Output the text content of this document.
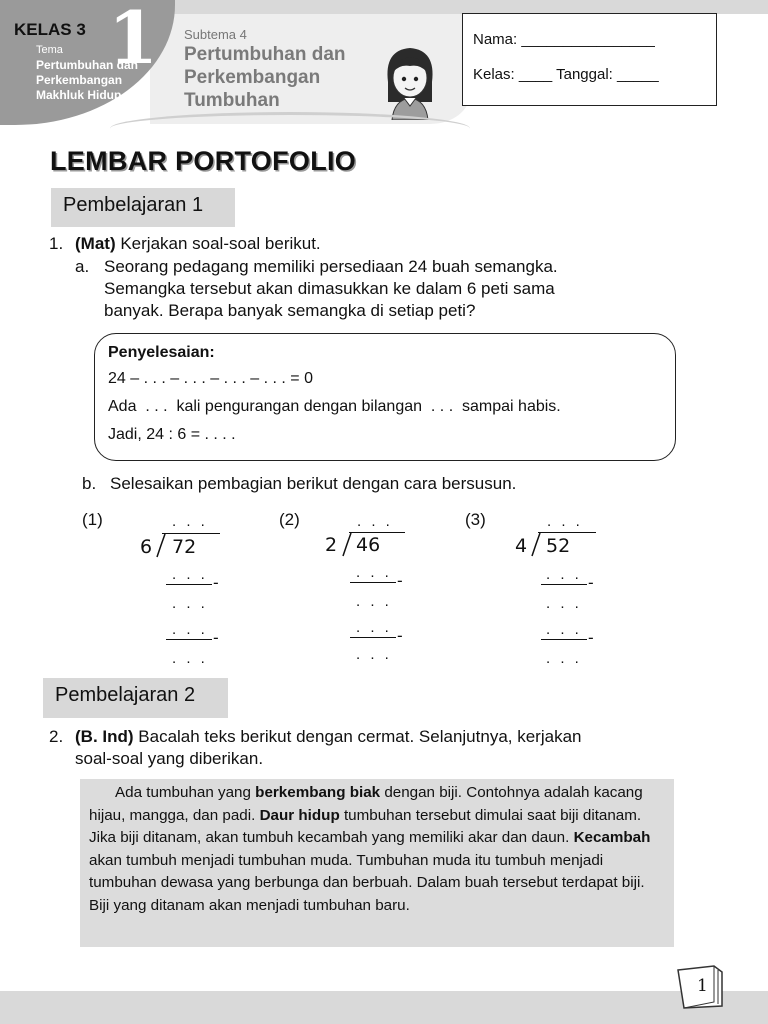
KELAS 3 1
Tema
Pertumbuhan dan Perkembangan Makhluk Hidup
Subtema 4
Pertumbuhan dan Perkembangan Tumbuhan
Nama: ________________
Kelas: ____ Tanggal: _____
LEMBAR PORTOFOLIO
Pembelajaran 1
1. (Mat) Kerjakan soal-soal berikut.
a. Seorang pedagang memiliki persediaan 24 buah semangka.
Semangka tersebut akan dimasukkan ke dalam 6 peti sama
banyak. Berapa banyak semangka di setiap peti?
Penyelesaian:
24 – . . . – . . . – . . . – . . . = 0
Ada  . . .  kali pengurangan dengan bilangan  . . .  sampai habis.
Jadi, 24 : 6 = . . . .
b. Selesaikan pembagian berikut dengan cara bersusun.
(1)	. . .
6 72
. . . -
. . .
. . . -
. . .
(2)	. . .
2 46
. . . -
. . .
. . . -
. . .
(3)	. . .
4 52
. . . -
. . .
. . . -
. . .
Pembelajaran 2
2. (B. Ind) Bacalah teks berikut dengan cermat. Selanjutnya, kerjakan
soal-soal yang diberikan.
Ada tumbuhan yang berkembang biak dengan biji. Contohnya adalah kacang hijau, mangga, dan padi. Daur hidup tumbuhan tersebut dimulai saat biji ditanam. Jika biji ditanam, akan tumbuh kecambah yang memiliki akar dan daun. Kecambah akan tumbuh menjadi tumbuhan muda. Tumbuhan muda itu tumbuh menjadi tumbuhan dewasa yang berbunga dan berbuah. Dalam buah tersebut terdapat biji. Biji yang ditanam akan menjadi tumbuhan baru.
1
